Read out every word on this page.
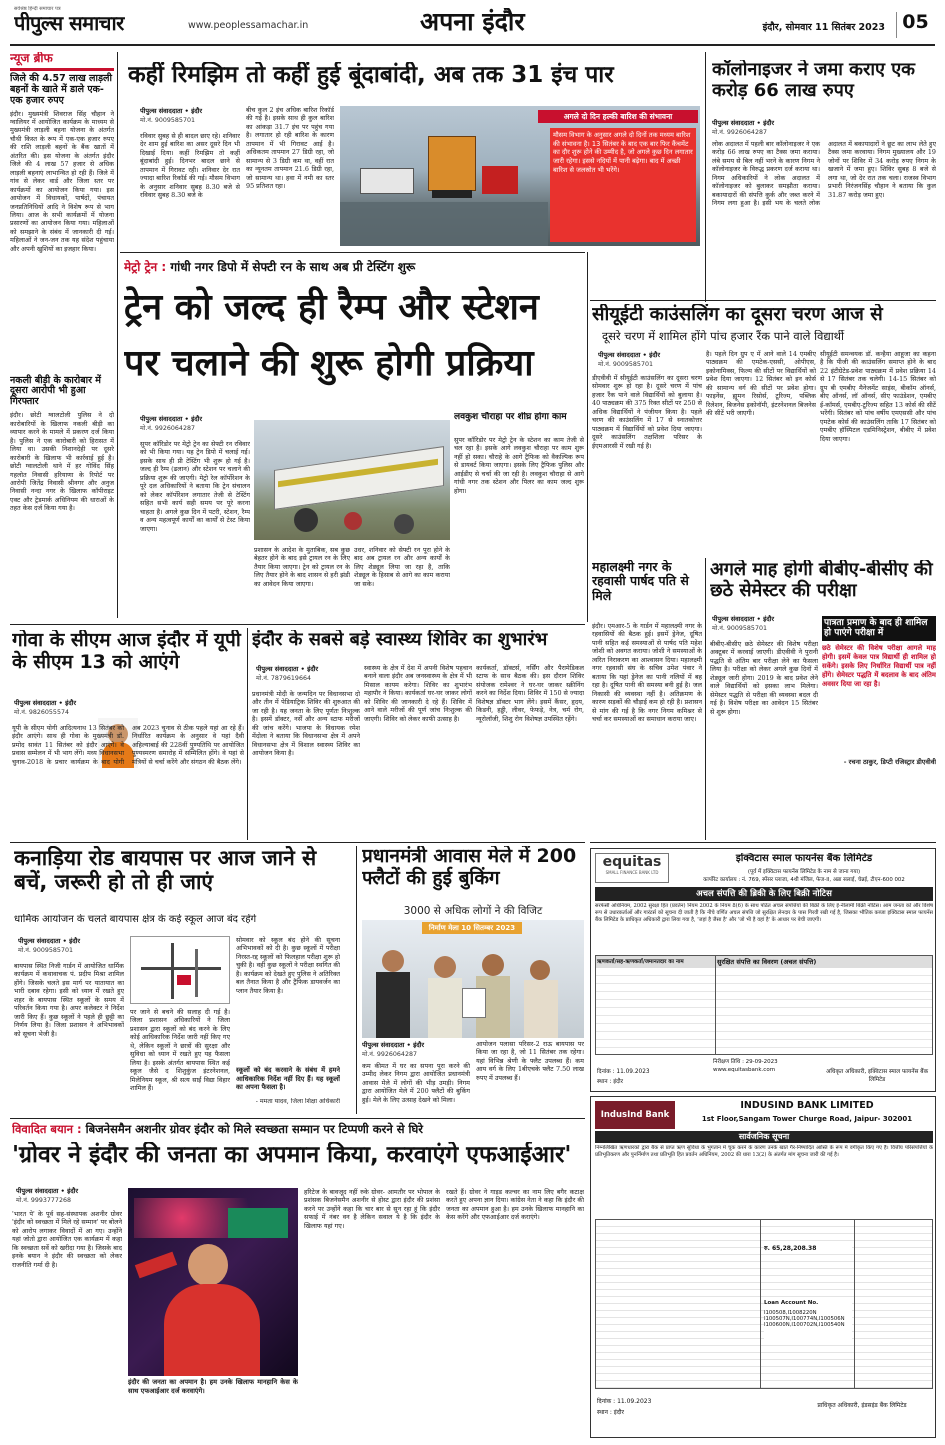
सर्वश्रेष्ठ हिन्दी समाचार पत्र
पीपुल्स समाचार	www.peoplessamachar.in	अपना इंदौर	इंदौर, सोमवार 11 सितंबर 2023 05
न्यूज ब्रीफ
जिले की 4.57 लाख लाड़ली बहनों के खाते में डाले एक-एक हजार रुपए
इंदौर। मुख्यमंत्री शिवराज सिंह चौहान ने ग्वालियर में आयोजित कार्यक्रम के माध्यम से मुख्यमंत्री लाड़ली बहना योजना के अंतर्गत चौथी किस्त के रूप में एक-एक हजार रुपए की राशि लाड़ली बहनों के बैंक खातों में अंतरित की। इस योजना के अंतर्गत इंदौर जिले की 4 लाख 57 हजार से अधिक लाड़ली बहनाएं लाभान्वित हो रही हैं। जिले में गांव से लेकर वार्ड और जिला स्तर पर कार्यक्रमों का आयोजन किया गया। इस आयोजन में विधायकों, पार्षदों, पंचायत जनप्रतिनिधियों आदि ने विशेष रूप से भाग लिया। आज के सभी कार्यक्रमों में योजना प्रसारणों का आयोजन किया गया। महिलाओं को समझाने के संबंध में जानकारी दी गई। महिलाओं ने जन-जन तक यह संदेश पहुंचाया और अपनी खुशियों का इजहार किया।
नकली बीड़ी के कारोबार में दूसरा आरोपी भी हुआ गिरफ्तार
इंदौर। छोटी ग्वालटोली पुलिस ने दो कारोबारियों के खिलाफ नकली बीड़ी का व्यापार करने के मामले में प्रकरण दर्ज किया है। पुलिस ने एक कारोबारी को हिरासत में लिया था। उसकी निशानदेही पर दूसरे कारोबारी के खिलाफ भी कार्रवाई हुई है। छोटी ग्वालटोली थाने में हर गोविंद सिंह गहलोत निवासी हरियाणा के रिपोर्ट पर आरोपी जितेंद्र निवासी श्रीनगर और अनुज निवासी नन्दा नगर के खिलाफ कॉपीराइट एक्ट और ट्रेडमार्क अधिनियम की धाराओं के तहत केस दर्ज किया गया है।
कहीं रिमझिम तो कहीं हुई बूंदाबांदी, अब तक 31 इंच पार
पीपुल्स संवाददाता • इंदौर
मो.नं. 9009585701
रविवार सुबह से ही बादल छाए रहे। शनिवार देर शाम हुई बारिश का असर दूसरे दिन भी दिखाई दिया। कहीं रिमझिम तो कहीं बूंदाबांदी हुई। दिनभर बादल छाने से तापमान में गिरावट रही। शनिवार देर रात ज्यादा बारिश रिकॉर्ड की गई। मौसम विभाग के अनुसार शनिवार सुबह 8.30 बजे से रविवार सुबह 8.30 बजे के
बीच कुल 2 इंच अधिक बारिश रिकॉर्ड की गई है। इसके साथ ही कुल बारिश का आंकड़ा 31.7 इंच पर पहुंच गया है। लगातार हो रही बारिश के कारण तापमान में भी गिरावट आई है। अधिकतम तापमान 27 डिग्री रहा, जो सामान्य से 3 डिग्री कम था, वहीं रात का न्यूनतम तापमान 21.6 डिग्री रहा, जो सामान्य था। हवा में नमी का स्तर 95 प्रतिशत रहा।
अगले दो दिन हल्की बारिश की संभावना
मौसम विभाग के अनुसार अगले दो दिनों तक मध्यम बारिश की संभावना है। 13 सितंबर के बाद एक बार फिर कैंचमेंट का दौर शुरू होने की उम्मीद है, जो अगले कुछ दिन लगातार जारी रहेगा। इससे नदियों में पानी बढ़ेगा। बाद में अच्छी बारिश से जलस्रोत भी भरेंगे।
कॉलोनाइजर ने जमा कराए एक करोड़ 66 लाख रुपए
पीपुल्स संवाददाता • इंदौर
मो.नं. 9926064287
लोक अदालत में पहली बार कॉलोनाइजर ने एक करोड़ 66 लाख रुपए का टैक्स जमा कराया। लंबे समय से बिल नहीं भरने के कारण निगम ने कॉलोनाइजर के विरुद्ध प्रकरण दर्ज कराया था। निगम अधिकारियों ने लोक अदालत में कॉलोनाइजर को बुलाकर समझौता कराया। बकायादारों की संपत्ति कुर्क और जब्त करने में निगम लगा हुआ है। इसी भय के चलते लोक अदालत में बकायादारों ने छूट का लाभ लेते हुए टैक्स जमा करवाया। निगम मुख्यालय और 19 जोनों पर शिविर में 34 करोड़ रुपए निगम के खजाने में जमा हुए। शिविर सुबह 8 बजे से लगा था, जो देर रात तक चला। राजस्व विभाग प्रभारी निरंजनसिंह चौहान ने बताया कि कुल 31.87 करोड़ जमा हुए।
मेट्रो ट्रेन : गांधी नगर डिपो में सेफ्टी रन के साथ अब प्री टेस्टिंग शुरू
ट्रेन को जल्द ही रैम्प और स्टेशन पर चलाने की शुरू होगी प्रक्रिया
पीपुल्स संवाददाता • इंदौर
मो.नं. 9926064287
सुपर कॉरिडोर पर मेट्रो ट्रेन का सेफ्टी रन रविवार को भी किया गया। यह ट्रेन डिपो में चलाई गई। इसके साथ ही प्री टेस्टिंग भी शुरू हो गई है। जल्द ही रैम्प (ढलान) और स्टेशन पर चलाने की प्रक्रिया शुरू की जाएगी। मेट्रो रेल कॉर्पोरेशन के पूरे दल अधिकारियों ने बताया कि ट्रेन संचालन को लेकर कॉर्पोरेशन लगातार तेजी से टेस्टिंग सहित सभी कार्य सही समय पर पूरे करना चाहता है। अगले कुछ दिन में पटरी, स्टेशन, रैम्प व अन्य महत्वपूर्ण कार्यों का कार्यों से टेस्ट किया जाएगा।
प्रशासन के आदेश के मुताबिक, सब कुछ बेहतर होने के बाद इसे ट्रायल रन के लिए तैयार किया जाएगा। ट्रेन को ट्रायल रन के लिए तैयार होने के बाद शासन से हरी झंडी का आवेदन किया जाएगा।
उधर, शनिवार को सेफ्टी रन पूरा होने के बाद अब ट्रायल रन और अन्य कार्यों के लिए शेड्यूल लिया जा रहा है, ताकि शेड्यूल के हिसाब से आगे का काम कराया जा सके।
लवकुश चौराहा पर शीघ्र होगा काम
सुपर कॉरिडोर पर मेट्रो ट्रेन के स्टेशन का काम तेजी से चल रहा है। इसके आगे लवकुश चौराहा पर काम शुरू नहीं हो सका। चौराहे के आगे ट्रैफिक को वैकल्पिक रूप से डायवर्ट किया जाएगा। इसके लिए ट्रैफिक पुलिस और आईडीए से चर्चा की जा रही है। लवकुश चौराहा से आगे गांधी नगर तक स्टेशन और पिलर का काम जल्द शुरू होगा।
सीयूईटी काउंसलिंग का दूसरा चरण आज से
दूसरे चरण में शामिल होंगे पांच हजार रैंक पाने वाले विद्यार्थी
पीपुल्स संवाददाता • इंदौर
मो.नं. 9009585701
डीएवीवी में सीयूईटी काउंसलिंग का दूसरा चरण सोमवार शुरू हो रहा है। दूसरे चरण में पांच हजार रैंक पाने वाले विद्यार्थियों को बुलाया है। 40 पाठ्यक्रम की 375 रिक्त सीटों पर 250 से अधिक विद्यार्थियों ने पंजीयन किया है। पहले चरण की काउंसलिंग में 17 से स्नातकोत्तर पाठ्यक्रम में विद्यार्थियों को प्रवेश दिया जाएगा। दूसरे काउंसलिंग तक्षशिला परिसर के ईएमआरसी में रखी गई है।
है। पहले दिन ग्रुप ए में आने वाले 14 एमबीए पाठ्यक्रम की एमटेक-एससी, ओपीएस, इकोनामिक्स, फिल्म की सीटों पर विद्यार्थियों को प्रवेश दिया जाएगा। 12 सितंबर को इन कोर्स की सामान्य वर्ग की सीटों पर प्रवेश होगा। फाइनेंस, ह्यूमन रिसोर्स, टूरिज्म, पब्लिक रिलेशन, बिजनेस इकोनॉमी, इंटरनेशनल बिजनेस की सीटें भरी जाएगी।
सीयूईटी समन्वयक डॉ. कन्हैया आहूजा का कहना है कि पीजी की काउंसलिंग समाप्त होने के बाद 22 इंटीग्रेटेड-प्रवेश पाठ्यक्रम में प्रवेश प्रक्रिया 14 से 17 सितंबर तक चलेगी। 14-15 सितंबर को ग्रुप बी एमबीए मैनेजमेंट साइंस, बीकॉम ऑनर्स, बीए ऑनर्स, लॉ ऑनर्स, सीए फाउंडेशन, एमबीए ई-कॉमर्स, एमबीए-टूरिज्म सहित 13 कोर्स की सीटें भरेंगी। सितंबर को पांच वर्षीय एमएससी और पांच एमटेक कोर्स की काउंसलिंग ताकि 17 सितंबर को एमबीए हॉस्पिटल एडमिनिस्ट्रेशन, बीबीए में प्रवेश दिया जाएगा।
महालक्ष्मी नगर के रहवासी पार्षद पति से मिले
इंदौर। एमआर-5 के गार्डन में महालक्ष्मी नगर के रहवासियों की बैठक हुई। इसमें ड्रेनेज, दूषित पानी सहित कई समस्याओं से पार्षद पति महेश जोशी को अवगत कराया। जोशी ने समस्याओं के त्वरित निराकरण का आश्वासन दिया। महालक्ष्मी नगर रहवासी संघ के सचिव उमेश पंवार ने बताया कि यहां ड्रेनेज का पानी नलियों में बह रहा है। दूषित पानी की समस्या बनी हुई है। जल निकासी की व्यवस्था नहीं है। अतिक्रमण के कारण सड़कों की चौड़ाई कम हो रही है। प्रशासन से मांग की गई है कि नगर निगम कमिश्नर से चर्चा कर समस्याओं का समाधान कराया जाए।
अगले माह होगी बीबीए-बीसीए की छठे सेमेस्टर की परीक्षा
पीपुल्स संवाददाता • इंदौर
मो.नं. 9009585701
बीबीए-बीसीए छठे सेमेस्टर की विशेष परीक्षा अक्टूबर में करवाई जाएगी। डीएवीवी ने पुरानी पद्धति से अंतिम बार परीक्षा लेने का फैसला लिया है। परीक्षा को लेकर अगले कुछ दिनों में शेड्यूल जारी होगा। 2019 के बाद प्रवेश लेने वाले विद्यार्थियों को इसका लाभ मिलेगा। सेमेस्टर पद्धति से परीक्षा की व्यवस्था बदल दी गई है। विशेष परीक्षा का आवेदन 15 सितंबर से शुरू होगा।
पात्रता प्रमाण के बाद ही शामिल हो पाएंगे परीक्षा में
छठे सेमेस्टर की विशेष परीक्षा आगले माह होगी। इसमें केवल पात्र विद्यार्थी ही शामिल हो सकेंगे। इसके लिए निर्धारित विद्यार्थी पात्र नहीं होंगे। सेमेस्टर पद्धति में बदलाव के बाद अंतिम अवसर दिया जा रहा है।
- रचना ठाकुर, डिप्टी रजिस्ट्रार डीएवीवी
गोवा के सीएम आज इंदौर में यूपी के सीएम 13 को आएंगे
पीपुल्स संवाददाता • इंदौर
मो.नं. 9826055574
यूपी के सीएम योगी आदित्यनाथ 13 सितंबर को इंदौर आएंगे। साथ ही गोवा के मुख्यमंत्री डॉ. प्रमोद सावंत 11 सितंबर को इंदौर आएंगे। वे प्रवास सम्मेलन में भी भाग लेंगे। मध्य विधानसभा चुनाव-2018 के प्रचार कार्यक्रम के बाद योगी अब 2023 चुनाव से ठीक पहले यहां आ रहे हैं। निर्धारित कार्यक्रम के अनुसार वे यहां दैवी अहिल्याबाई की 228वीं पुण्यतिथि पर आयोजित पुण्यस्मरण समारोह में सम्मिलित होंगे। वे यहां से मंत्रियों से चर्चा करेंगे और संगठन की बैठक लेंगे।
इंदौर के सबसे बड़े स्वास्थ्य शिविर का शुभारंभ
पीपुल्स संवाददाता • इंदौर
मो.नं. 7879619664
प्रधानमंत्री मोदी के जन्मदिन पर विधानसभा दो और तीन में पेडियाट्रिक शिविर की शुरुआत की जा रही है। यह जनता के लिए पूर्णतः निःशुल्क है। इसमें डॉक्टर, नर्सें और अन्य स्टाफ मरीजों की जांच करेंगे। भाजपा के विधायक रमेश मेंदोला ने बताया कि विधानसभा क्षेत्र में अपने विधानसभा क्षेत्र में विशाल स्वास्थ्य शिविर का आयोजन किया है।
स्वास्थ्य के क्षेत्र में देश में अपनी विशेष पहचान बनाने वाला इंदौर अब जनस्वास्थ्य के क्षेत्र में भी मिसाल कायम करेगा। शिविर का शुभारंभ महापौर ने किया। कार्यकर्ता घर-घर जाकर लोगों को शिविर की जानकारी दे रहे हैं। शिविर में आने वाले मरीजों की पूर्ण जांच निःशुल्क की जाएगी। शिविर को लेकर काफी उत्साह है।
कार्यकर्ता, डॉक्टर्स, नर्सिंग और पैरामेडिकल स्टाफ के साथ बैठक की। इस दौरान शिविर संयोजक रामेश्वर ने घर-घर जाकर स्क्रीनिंग करने का निर्देश दिया। शिविर में 150 से ज्यादा विशेषज्ञ डॉक्टर भाग लेंगे। इसमें कैंसर, हृदय, किडनी, हड्डी, लीवर, फेफड़े, नेत्र, चर्म रोग, न्यूरोलॉजी, शिशु रोग विशेषज्ञ उपस्थित रहेंगे।
कनाड़िया रोड बायपास पर आज जाने से बचें, जरूरी हो तो ही जाएं
धार्मिक आयोजन के चलते बायपास क्षेत्र के कई स्कूल आज बंद रहेंगे
पीपुल्स संवाददाता • इंदौर
मो.नं. 9009585701
बायपास स्थित निजी गार्डन में आयोजित धार्मिक कार्यक्रम में कथावाचक पं. प्रदीप मिश्रा शामिल होंगे। जिसके चलते इस मार्ग पर यातायात का भारी दबाव रहेगा। इसी को ध्यान में रखते हुए शहर के बायपास स्थित स्कूलों के समय में परिवर्तन किया गया है। अपर कलेक्टर ने निर्देश जारी किए हैं। कुछ स्कूलों ने पहले ही छुट्टी का निर्णय लिया है। जिला प्रशासन ने अभिभावकों को सूचना भेजी है।
पर जाने से बचने की सलाह दी गई है। जिला प्रशासन अधिकारियों ने जिला प्रशासन द्वारा स्कूलों को बंद करने के लिए कोई आधिकारिक निर्देश जारी नहीं किए गए थे, लेकिन स्कूलों ने छात्रों की सुरक्षा और सुविधा को ध्यान में रखते हुए यह फैसला लिया है। इसके अंतर्गत बायपास स्थित कई स्कूल जैसे द शिशुकुंज इंटरनेशनल, मिलेनियम स्कूल, श्री सत्य साईं विद्या विहार शामिल हैं।
सोमवार को स्कूल बंद होने की सूचना अभिभावकों को दी है। कुछ स्कूलों में परीक्षा निरस्त-रद्द स्कूलों को फिलहाल परीक्षा शुरू हो चुकी है। वहीं कुछ स्कूलों ने परीक्षा स्थगित की है। कार्यक्रम को देखते हुए पुलिस ने अतिरिक्त बल तैनात किया है और ट्रैफिक डायवर्जन का प्लान तैयार किया है।
स्कूलों को बंद करवाने के संबंध में हमने आधिकारिक निर्देश नहीं दिए हैं। यह स्कूलों का अपना फैसला है।
- ममता यादव, जिला शिक्षा अधिकारी
प्रधानमंत्री आवास मेले में 200 फ्लैटों की हुई बुकिंग
3000 से अधिक लोगों ने की विजिट
निर्माण मेला 10 सितम्बर 2023
पीपुल्स संवाददाता • इंदौर
मो.नं. 9926064287
कम कीमत में घर का सपना पूरा करने की उम्मीद लेकर निगम द्वारा आयोजित प्रधानमंत्री आवास मेले में लोगों की भीड़ उमड़ी। निगम द्वारा आयोजित मेले में 200 फ्लैटों की बुकिंग हुई। मेले के लिए उत्साह देखने को मिला।
आयोजन पलासा परिसर-2 राऊ बायपास पर किया जा रहा है, जो 11 सितंबर तक रहेगा। यहां विभिन्न श्रेणी के फ्लैट उपलब्ध हैं। कम आय वर्ग के लिए 1बीएचके फ्लैट 7.50 लाख रुपए में उपलब्ध हैं।
equitas
SMALL FINANCE BANK LTD
इक्विटास स्माल फायनेंस बैंक लिमिटेड
(पूर्व में इक्विटास फायनेंस लिमिटेड के नाम से जाना गया)
कार्पोरेट कार्यालय : नं. 769, स्पेंसर प्लाजा, 4थी मंजिल, फेज-II, अन्ना सलाई, चेन्नई, टीएन-600 002
अचल संपत्ति की ब्रिकी के लिए बिक्री नोटिस
सरफेसी अधिनियम, 2002 सुरक्षा हित (प्रवर्तन) नियम 2002 के नियम 8(6) के साथ पठित अचल संपत्तियों की बिक्री के लिए ई-नीलामी बिक्री नोटिस। आम जनता को और विशेष रूप से उधारकर्ताओं और गारंटर्स को सूचना दी जाती है कि नीचे वर्णित अचल संपत्ति जो सुरक्षित लेनदार के पास गिरवी रखी गई है, जिसका भौतिक कब्जा इक्विटास स्माल फायनेंस बैंक लिमिटेड के प्राधिकृत अधिकारी द्वारा लिया गया है, 'जहां है जैसा है' और 'जो भी है वहां है' के आधार पर बेची जाएगी।
ऋणकर्ता/सह-ऋणकर्ता/जमानतदार का नाम	सुरक्षित संपत्ति का विवरण (अचल संपत्ति)
निरीक्षण तिथि : 29-09-2023
www.equitasbank.com
दिनांक : 11.09.2023
स्थान : इंदौर
अधिकृत अधिकारी, इक्विटास स्माल फायनेंस बैंक लिमिटेड
IndusInd Bank
INDUSIND BANK LIMITED
1st Floor,Sangam Tower Churge Road, Jaipur- 302001
सार्वजनिक सूचना
निम्नलिखित ऋणधारकों द्वारा बैंक से प्राप्त ऋण सुविधा के भुगतान में चूक करने के कारण उनके खाते गैर-निष्पादित आस्ति के रूप में वर्गीकृत किए गए हैं। वित्तीय परिसंपत्तियों के प्रतिभूतिकरण और पुनर्निर्माण तथा प्रतिभूति हित प्रवर्तन अधिनियम, 2002 की धारा 13(2) के अंतर्गत मांग सूचना जारी की गई है।
Loan Account No.
I100508,I1008220N I100507N,I100774N,I100506N I100600N,I100702N,I100540N
रु. 65,28,208.38
दिनांक : 11.09.2023
स्थान : इंदौर
प्राधिकृत अधिकारी, इंडसइंड बैंक लिमिटेड
विवादित बयान : बिजनेसमैन अशनीर ग्रोवर इंदौर को मिले स्वच्छता सम्मान पर टिप्पणी करने से घिरे
'ग्रोवर ने इंदौर की जनता का अपमान किया, करवाएंगे एफआईआर'
पीपुल्स संवाददाता • इंदौर
मो.नं. 9993777268
'भारत पे' के पूर्व सह-संस्थापक अशनीर ग्रोवर 'इंदौर को स्वच्छता में मिले रहे सम्मान' पर बोलने को आरोप लगाकर विवादों में आ गए। उन्होंने यहां जोतो द्वारा आयोजित एक कार्यक्रम में कहा कि स्वच्छता सर्वे को खरीदा गया है। जिसके बाद इनके बयान ने इंदौर की स्वच्छता को लेकर राजनीति गर्मा दी है।
इंदौर की जनता का अपमान है। हम उनके खिलाफ मानहानि केस के साथ एफआईआर दर्ज करवाएंगे।
हरिटेज के बावजूद नहीं रुके ग्रोवर- आमतौर पर भोपाल के प्रशंसक बिजनेसमैन अशनीर से होस्ट द्वारा इंदौर की प्रशंसा करने पर उन्होंने कहा कि चार बार से सुन रहा हूं कि इंदौर सफाई में नंबर वन है लेकिन सवाल ये है कि इंदौर के खिलाफ यहां गए।
रखते हैं। ग्रोवर ने गाइड कल्चर का नाम लिए बगैर कटाक्ष करते हुए अपना ज्ञान दिया। कांग्रेस नेता ने कहा कि इंदौर की जनता का अपमान हुआ है। हम उनके खिलाफ मानहानि का केस करेंगे और एफआईआर दर्ज कराएंगे।
